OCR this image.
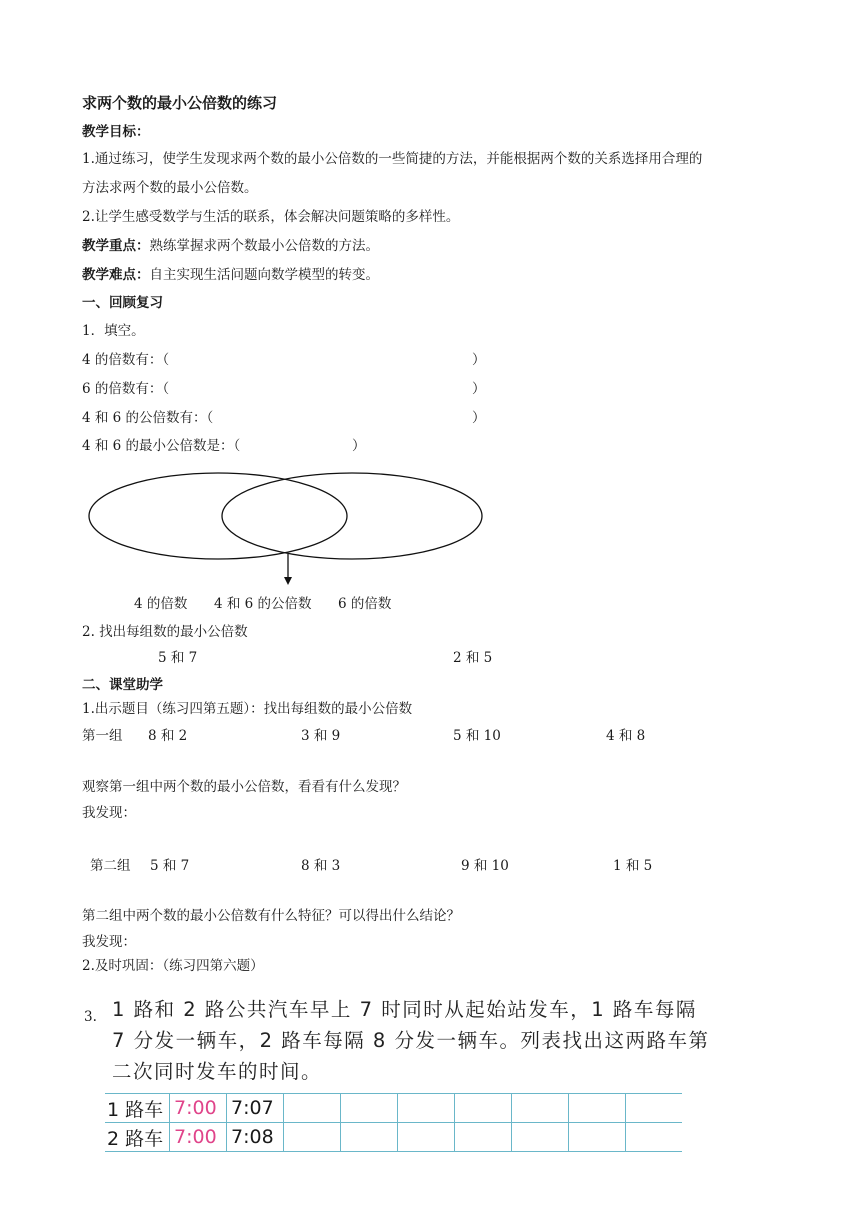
求两个数的最小公倍数的练习
教学目标：
1.通过练习，使学生发现求两个数的最小公倍数的一些简捷的方法，并能根据两个数的关系选择用合理的
方法求两个数的最小公倍数。
2.让学生感受数学与生活的联系，体会解决问题策略的多样性。
教学重点：熟练掌握求两个数最小公倍数的方法。
教学难点：自主实现生活问题向数学模型的转变。
一、回顾复习
1．填空。
4 的倍数有：（	）
6 的倍数有：（	）
4 和 6 的公倍数有：（	）
4 和 6 的最小公倍数是：（	）
4 的倍数 4 和 6 的公倍数 6 的倍数
2. 找出每组数的最小公倍数
5 和 7	2 和 5
二、课堂助学
1.出示题目（练习四第五题）：找出每组数的最小公倍数
第一组 8 和 2	3 和 9	5 和 10	4 和 8
观察第一组中两个数的最小公倍数，看看有什么发现？
我发现：
第二组 5 和 7	8 和 3	9 和 10	1 和 5
第二组中两个数的最小公倍数有什么特征？可以得出什么结论？
我发现：
2.及时巩固：（练习四第六题）
3. 1 路和 2 路公共汽车早上 7 时同时从起始站发车，1 路车每隔
7 分发一辆车，2 路车每隔 8 分发一辆车。列表找出这两路车第
二次同时发车的时间。
1 路车	7:00	7:07							
2 路车	7:00	7:08							
